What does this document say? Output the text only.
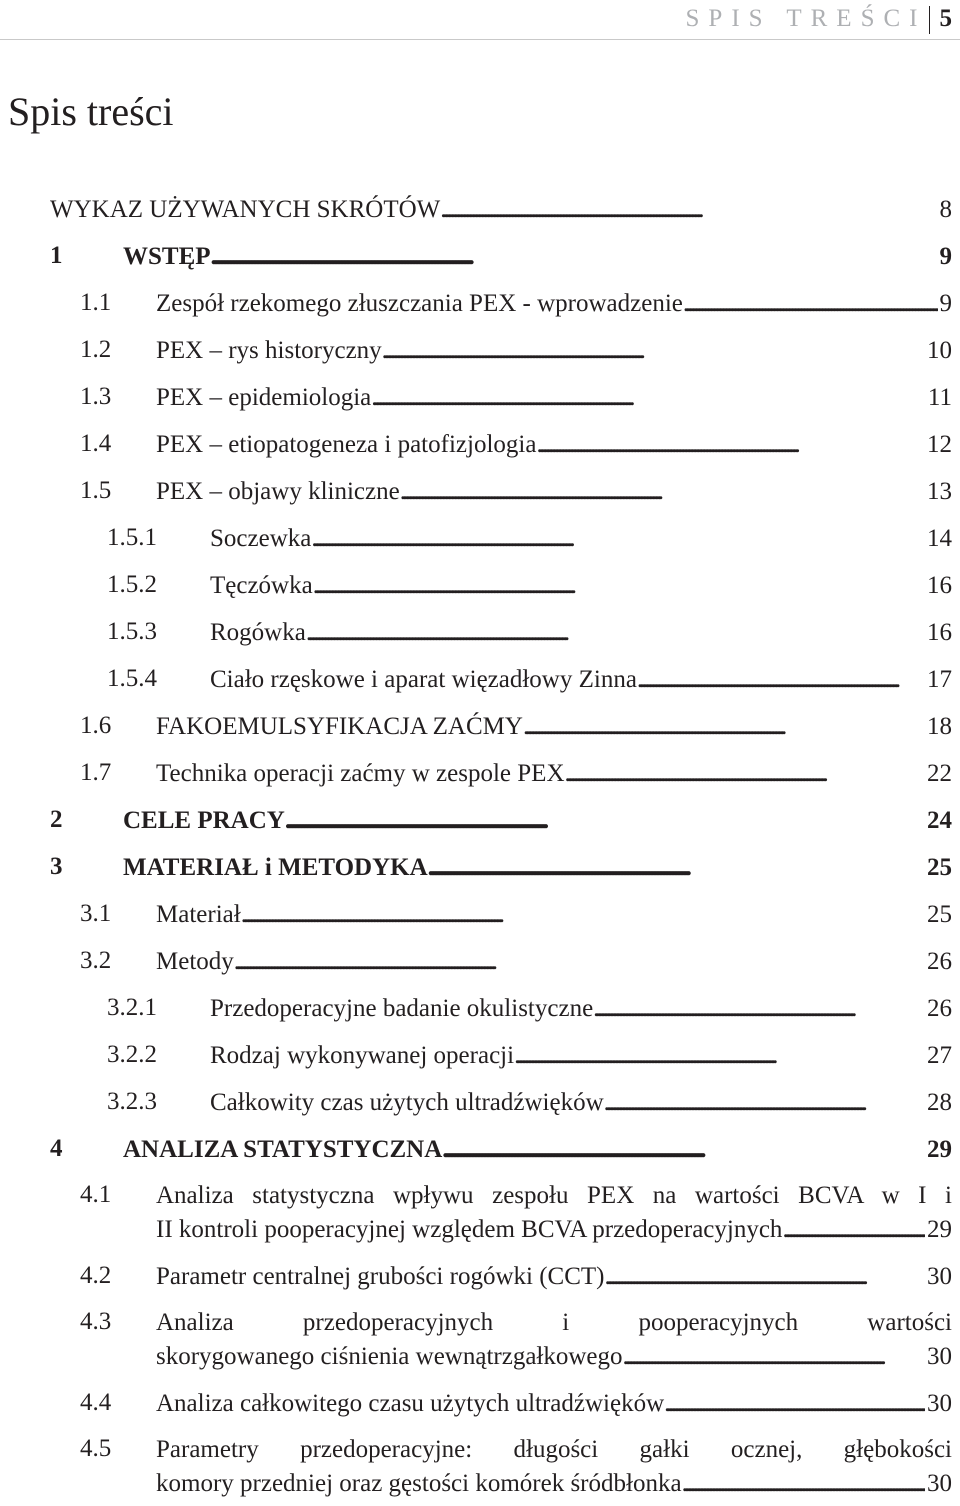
SPIS TREŚCI 5
Spis treści
WYKAZ UŻYWANYCH SKRÓTÓW . . .	8
1 WSTĘP . . .	9
1.1 Zespół rzekomego złuszczania PEX - wprowadzenie . . .	9
1.2 PEX – rys historyczny . . .	10
1.3 PEX – epidemiologia . . .	11
1.4 PEX – etiopatogeneza i patofizjologia . . .	12
1.5 PEX – objawy kliniczne . . .	13
1.5.1 Soczewka . . .	14
1.5.2 Tęczówka . . .	16
1.5.3 Rogówka . . .	16
1.5.4 Ciało rzęskowe i aparat więzadłowy Zinna . . .	17
1.6 FAKOEMULSYFIKACJA ZAĆMY . . .	18
1.7 Technika operacji zaćmy w zespole PEX . . .	22
2 CELE PRACY . . .	24
3 MATERIAŁ i METODYKA . . .	25
3.1 Materiał . . .	25
3.2 Metody . . .	26
3.2.1 Przedoperacyjne badanie okulistyczne . . .	26
3.2.2 Rodzaj wykonywanej operacji . . .	27
3.2.3 Całkowity czas użytych ultradźwięków . . .	28
4 ANALIZA STATYSTYCZNA . . .	29
4.1 Analiza statystyczna wpływu zespołu PEX na wartości BCVA w I i
II kontroli pooperacyjnej względem BCVA przedoperacyjnych . . .	29
4.2 Parametr centralnej grubości rogówki (CCT) . . .	30
4.3 Analiza przedoperacyjnych i pooperacyjnych wartości
skorygowanego ciśnienia wewnątrzgałkowego . . .	30
4.4 Analiza całkowitego czasu użytych ultradźwięków . . .	30
4.5 Parametry przedoperacyjne: długości gałki ocznej, głębokości
komory przedniej oraz gęstości komórek śródbłonka . . .	30
